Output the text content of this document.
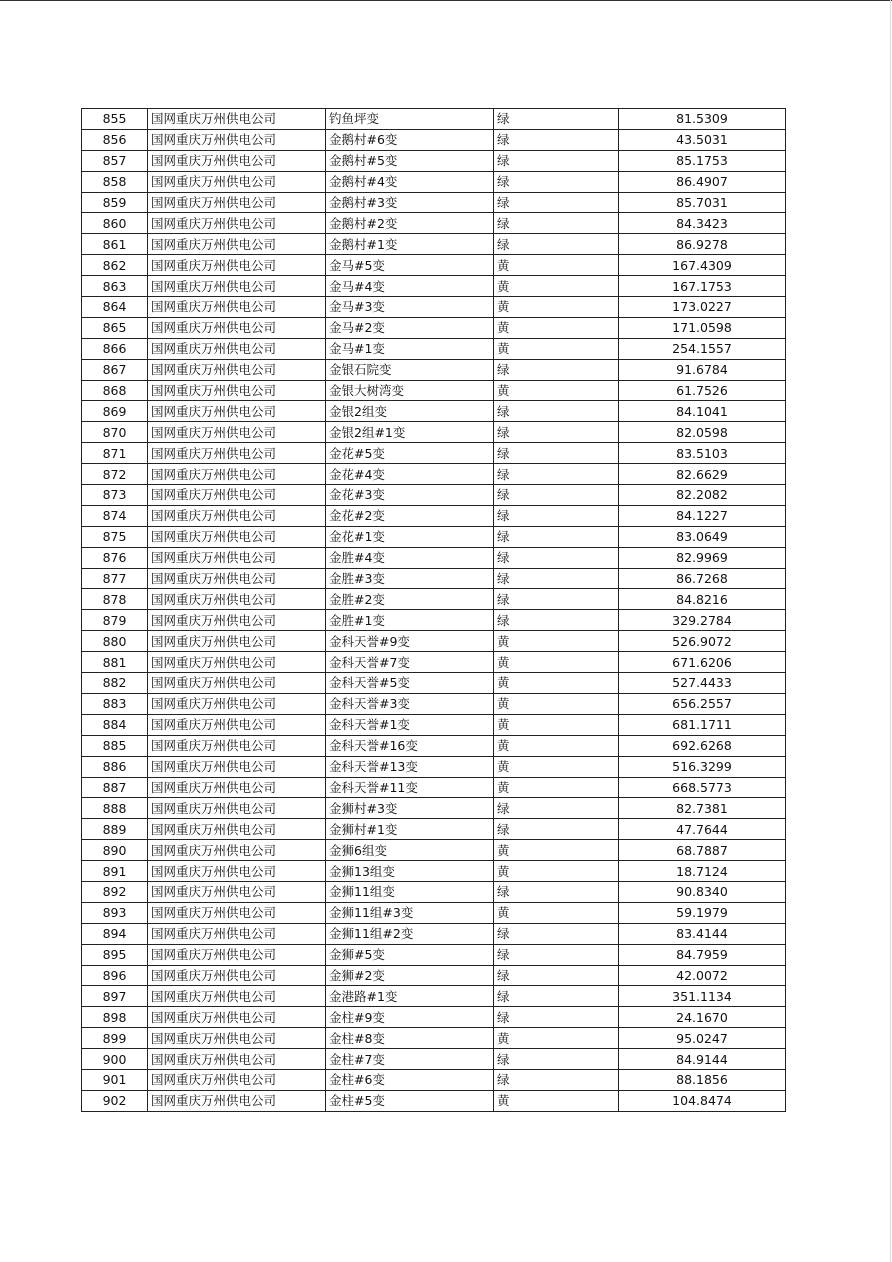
855	国网重庆万州供电公司	钓鱼坪变	绿	81.5309
856	国网重庆万州供电公司	金鹅村#6变	绿	43.5031
857	国网重庆万州供电公司	金鹅村#5变	绿	85.1753
858	国网重庆万州供电公司	金鹅村#4变	绿	86.4907
859	国网重庆万州供电公司	金鹅村#3变	绿	85.7031
860	国网重庆万州供电公司	金鹅村#2变	绿	84.3423
861	国网重庆万州供电公司	金鹅村#1变	绿	86.9278
862	国网重庆万州供电公司	金马#5变	黄	167.4309
863	国网重庆万州供电公司	金马#4变	黄	167.1753
864	国网重庆万州供电公司	金马#3变	黄	173.0227
865	国网重庆万州供电公司	金马#2变	黄	171.0598
866	国网重庆万州供电公司	金马#1变	黄	254.1557
867	国网重庆万州供电公司	金银石院变	绿	91.6784
868	国网重庆万州供电公司	金银大树湾变	黄	61.7526
869	国网重庆万州供电公司	金银2组变	绿	84.1041
870	国网重庆万州供电公司	金银2组#1变	绿	82.0598
871	国网重庆万州供电公司	金花#5变	绿	83.5103
872	国网重庆万州供电公司	金花#4变	绿	82.6629
873	国网重庆万州供电公司	金花#3变	绿	82.2082
874	国网重庆万州供电公司	金花#2变	绿	84.1227
875	国网重庆万州供电公司	金花#1变	绿	83.0649
876	国网重庆万州供电公司	金胜#4变	绿	82.9969
877	国网重庆万州供电公司	金胜#3变	绿	86.7268
878	国网重庆万州供电公司	金胜#2变	绿	84.8216
879	国网重庆万州供电公司	金胜#1变	绿	329.2784
880	国网重庆万州供电公司	金科天誉#9变	黄	526.9072
881	国网重庆万州供电公司	金科天誉#7变	黄	671.6206
882	国网重庆万州供电公司	金科天誉#5变	黄	527.4433
883	国网重庆万州供电公司	金科天誉#3变	黄	656.2557
884	国网重庆万州供电公司	金科天誉#1变	黄	681.1711
885	国网重庆万州供电公司	金科天誉#16变	黄	692.6268
886	国网重庆万州供电公司	金科天誉#13变	黄	516.3299
887	国网重庆万州供电公司	金科天誉#11变	黄	668.5773
888	国网重庆万州供电公司	金狮村#3变	绿	82.7381
889	国网重庆万州供电公司	金狮村#1变	绿	47.7644
890	国网重庆万州供电公司	金狮6组变	黄	68.7887
891	国网重庆万州供电公司	金狮13组变	黄	18.7124
892	国网重庆万州供电公司	金狮11组变	绿	90.8340
893	国网重庆万州供电公司	金狮11组#3变	黄	59.1979
894	国网重庆万州供电公司	金狮11组#2变	绿	83.4144
895	国网重庆万州供电公司	金狮#5变	绿	84.7959
896	国网重庆万州供电公司	金狮#2变	绿	42.0072
897	国网重庆万州供电公司	金港路#1变	绿	351.1134
898	国网重庆万州供电公司	金柱#9变	绿	24.1670
899	国网重庆万州供电公司	金柱#8变	黄	95.0247
900	国网重庆万州供电公司	金柱#7变	绿	84.9144
901	国网重庆万州供电公司	金柱#6变	绿	88.1856
902	国网重庆万州供电公司	金柱#5变	黄	104.8474
